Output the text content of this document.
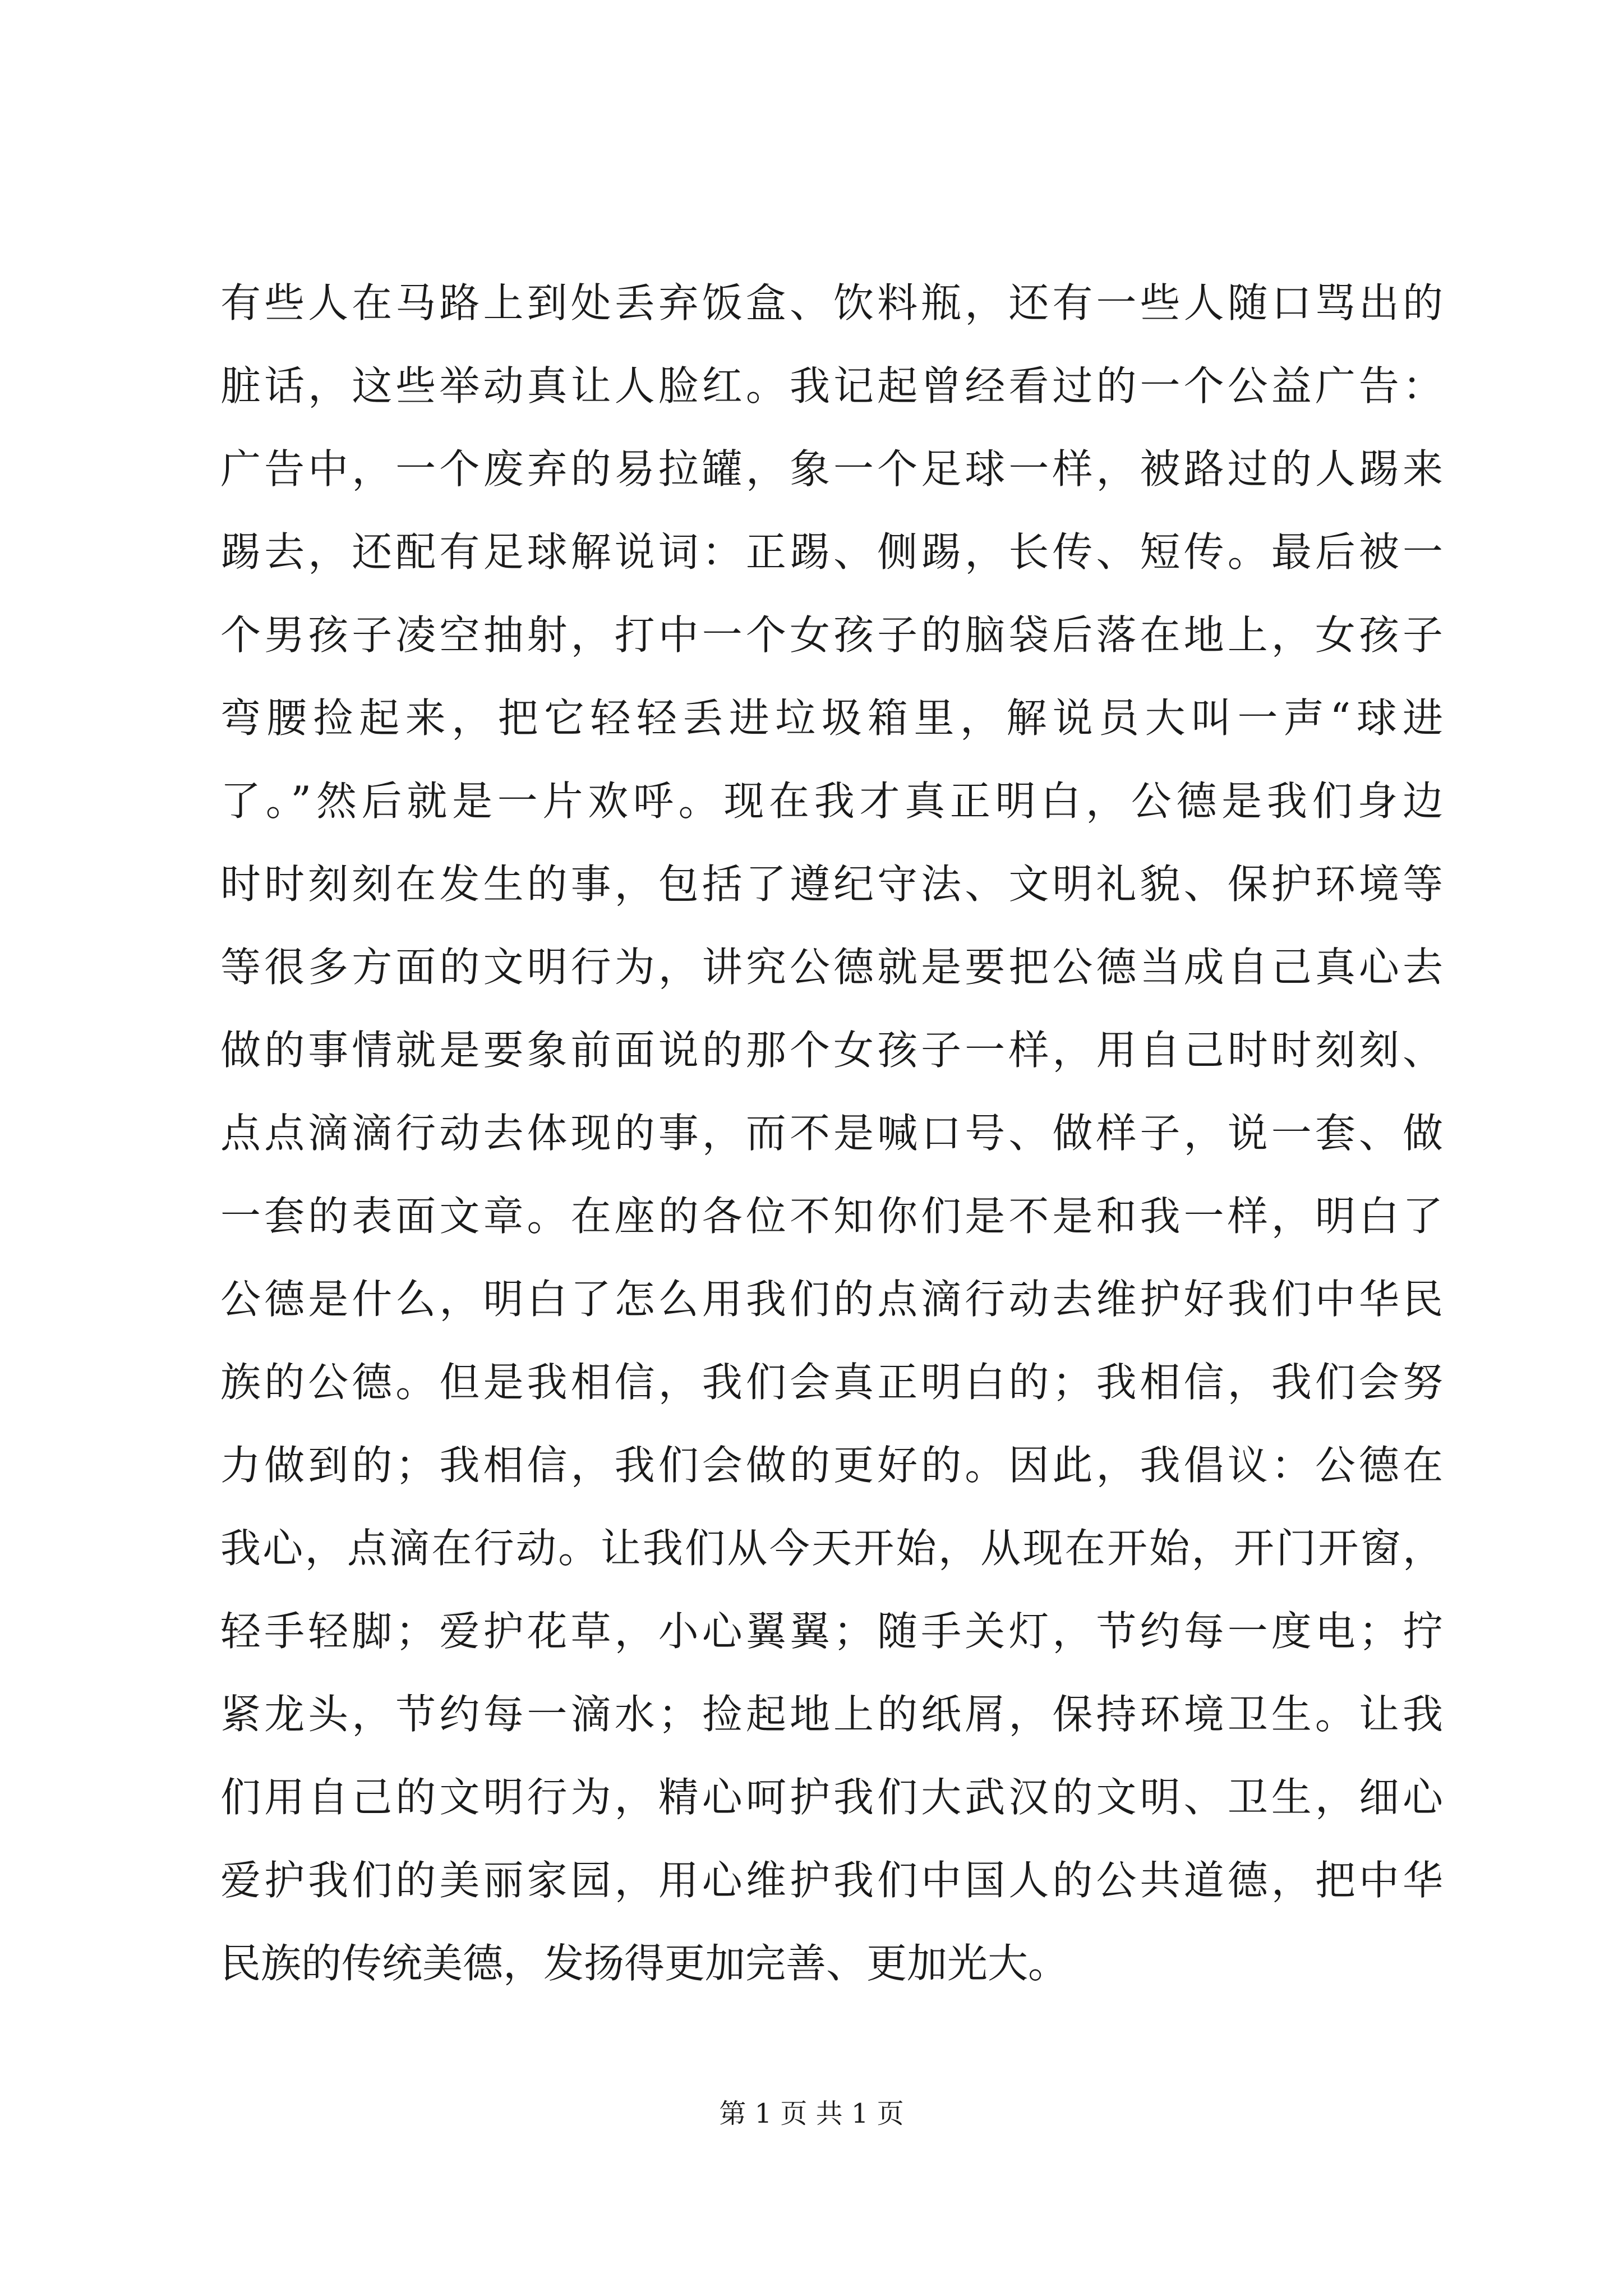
有些人在马路上到处丢弃饭盒、饮料瓶，还有一些人随口骂出的
脏话，这些举动真让人脸红。我记起曾经看过的一个公益广告：
广告中，一个废弃的易拉罐，象一个足球一样，被路过的人踢来
踢去，还配有足球解说词：正踢、侧踢，长传、短传。最后被一
个男孩子凌空抽射，打中一个女孩子的脑袋后落在地上，女孩子
弯腰捡起来，把它轻轻丢进垃圾箱里，解说员大叫一声“球进
了。”然后就是一片欢呼。现在我才真正明白，公德是我们身边
时时刻刻在发生的事，包括了遵纪守法、文明礼貌、保护环境等
等很多方面的文明行为，讲究公德就是要把公德当成自己真心去
做的事情就是要象前面说的那个女孩子一样，用自己时时刻刻、
点点滴滴行动去体现的事，而不是喊口号、做样子，说一套、做
一套的表面文章。在座的各位不知你们是不是和我一样，明白了
公德是什么，明白了怎么用我们的点滴行动去维护好我们中华民
族的公德。但是我相信，我们会真正明白的；我相信，我们会努
力做到的；我相信，我们会做的更好的。因此，我倡议：公德在
我心，点滴在行动。让我们从今天开始，从现在开始，开门开窗，
轻手轻脚；爱护花草，小心翼翼；随手关灯，节约每一度电；拧
紧龙头，节约每一滴水；捡起地上的纸屑，保持环境卫生。让我
们用自己的文明行为，精心呵护我们大武汉的文明、卫生，细心
爱护我们的美丽家园，用心维护我们中国人的公共道德，把中华
民族的传统美德，发扬得更加完善、更加光大。
第 1 页 共 1 页
